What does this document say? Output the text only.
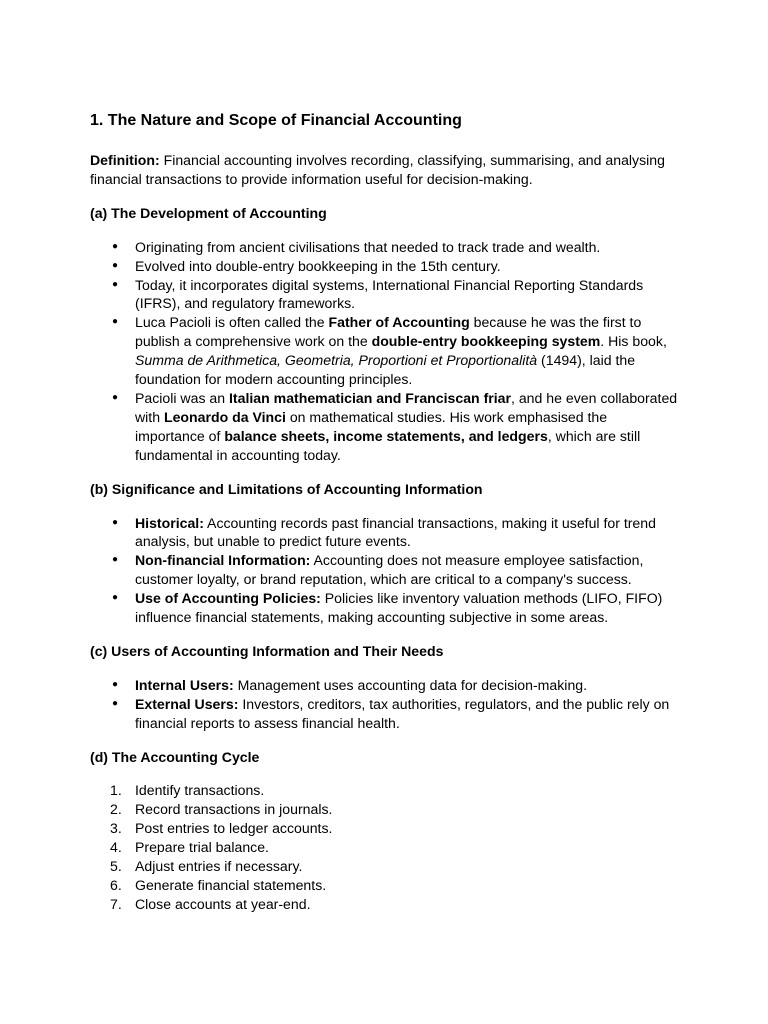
1. The Nature and Scope of Financial Accounting

Definition: Financial accounting involves recording, classifying, summarising, and analysing financial transactions to provide information useful for decision-making.

(a) The Development of Accounting
● Originating from ancient civilisations that needed to track trade and wealth.
● Evolved into double-entry bookkeeping in the 15th century.
● Today, it incorporates digital systems, International Financial Reporting Standards (IFRS), and regulatory frameworks.
● Luca Pacioli is often called the Father of Accounting because he was the first to publish a comprehensive work on the double-entry bookkeeping system. His book, Summa de Arithmetica, Geometria, Proportioni et Proportionalità (1494), laid the foundation for modern accounting principles.
● Pacioli was an Italian mathematician and Franciscan friar, and he even collaborated with Leonardo da Vinci on mathematical studies. His work emphasised the importance of balance sheets, income statements, and ledgers, which are still fundamental in accounting today.
(b) Significance and Limitations of Accounting Information
● Historical: Accounting records past financial transactions, making it useful for trend analysis, but unable to predict future events.
● Non-financial Information: Accounting does not measure employee satisfaction, customer loyalty, or brand reputation, which are critical to a company's success.
● Use of Accounting Policies: Policies like inventory valuation methods (LIFO, FIFO) influence financial statements, making accounting subjective in some areas.
(c) Users of Accounting Information and Their Needs
● Internal Users: Management uses accounting data for decision-making.
● External Users: Investors, creditors, tax authorities, regulators, and the public rely on financial reports to assess financial health.
(d) The Accounting Cycle
1. Identify transactions.
2. Record transactions in journals.
3. Post entries to ledger accounts.
4. Prepare trial balance.
5. Adjust entries if necessary.
6. Generate financial statements.
7. Close accounts at year-end.
